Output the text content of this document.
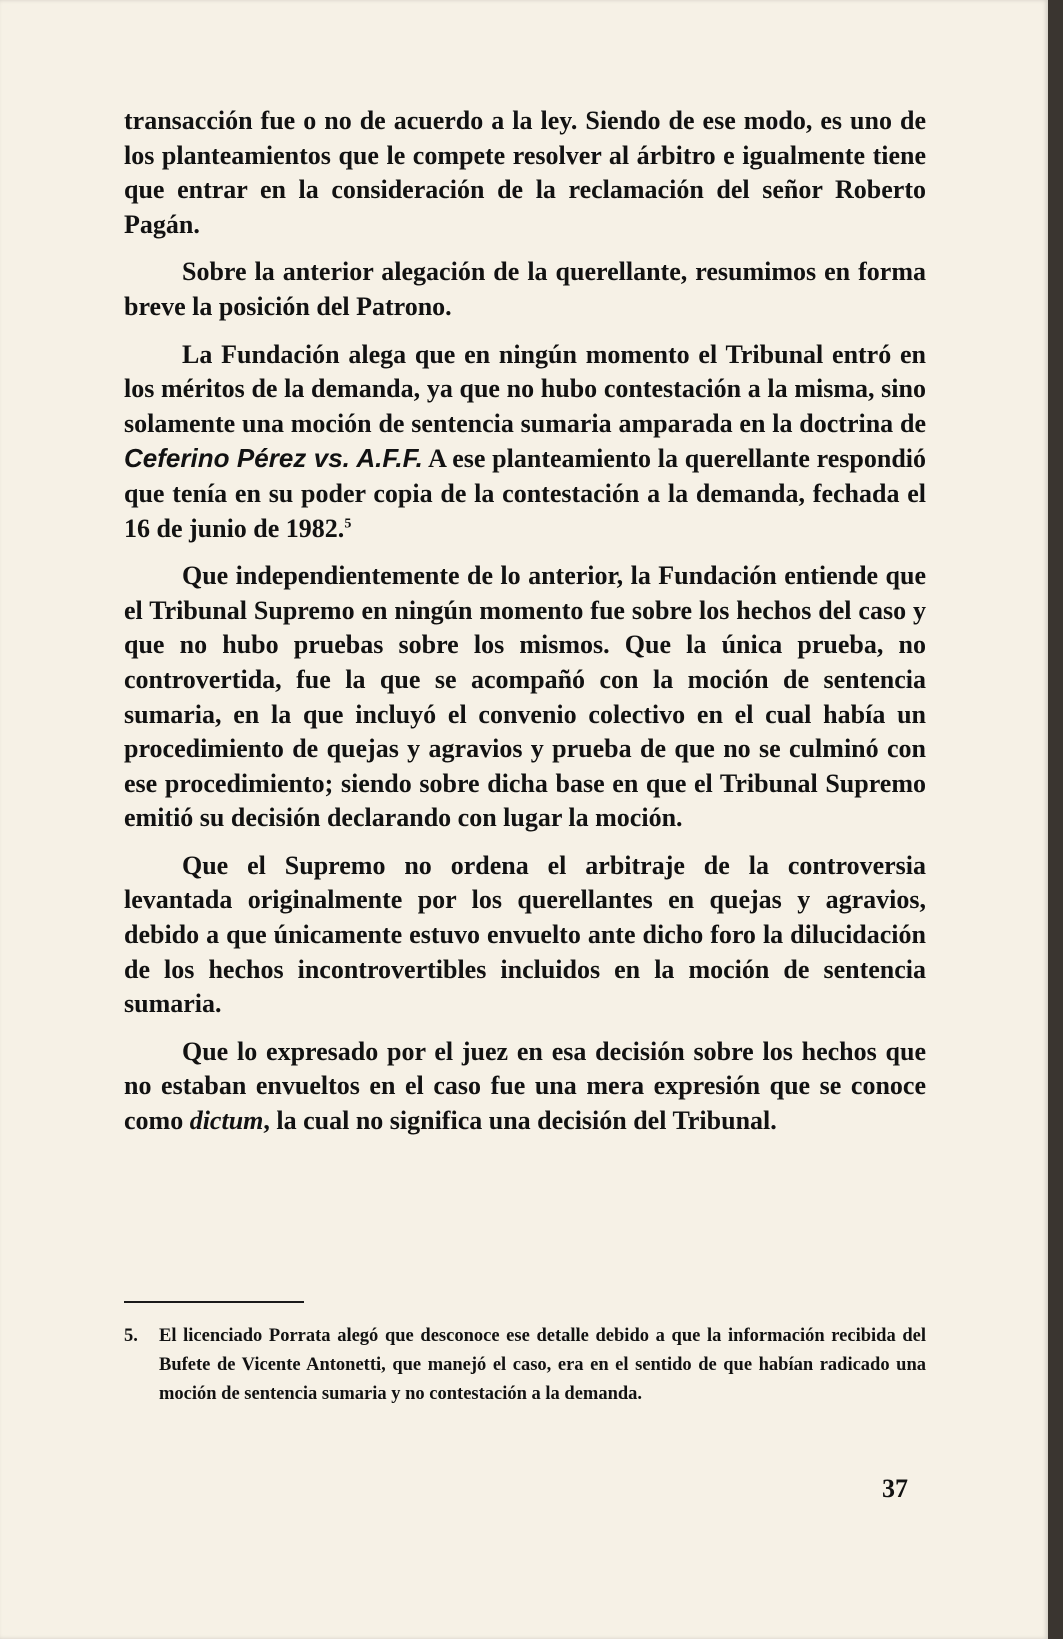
transacción fue o no de acuerdo a la ley. Siendo de ese modo, es uno de los planteamientos que le compete resolver al árbitro e igualmente tiene que entrar en la consideración de la reclamación del señor Roberto Pagán.

Sobre la anterior alegación de la querellante, resumimos en forma breve la posición del Patrono.

La Fundación alega que en ningún momento el Tribunal entró en los méritos de la demanda, ya que no hubo contestación a la misma, sino solamente una moción de sentencia sumaria amparada en la doctrina de Ceferino Pérez vs. A.F.F. A ese planteamiento la querellante respondió que tenía en su poder copia de la contestación a la demanda, fechada el 16 de junio de 1982.$^5$

Que independientemente de lo anterior, la Fundación entiende que el Tribunal Supremo en ningún momento fue sobre los hechos del caso y que no hubo pruebas sobre los mismos. Que la única prueba, no controvertida, fue la que se acompañó con la moción de sentencia sumaria, en la que incluyó el convenio colectivo en el cual había un procedimiento de quejas y agravios y prueba de que no se culminó con ese procedimiento; siendo sobre dicha base en que el Tribunal Supremo emitió su decisión declarando con lugar la moción.

Que el Supremo no ordena el arbitraje de la controversia levantada originalmente por los querellantes en quejas y agravios, debido a que únicamente estuvo envuelto ante dicho foro la dilucidación de los hechos incontrovertibles incluidos en la moción de sentencia sumaria.

Que lo expresado por el juez en esa decisión sobre los hechos que no estaban envueltos en el caso fue una mera expresión que se conoce como dictum, la cual no significa una decisión del Tribunal.

5.	El licenciado Porrata alegó que desconoce ese detalle debido a que la información recibida del Bufete de Vicente Antonetti, que manejó el caso, era en el sentido de que habían radicado una moción de sentencia sumaria y no contestación a la demanda.
37
